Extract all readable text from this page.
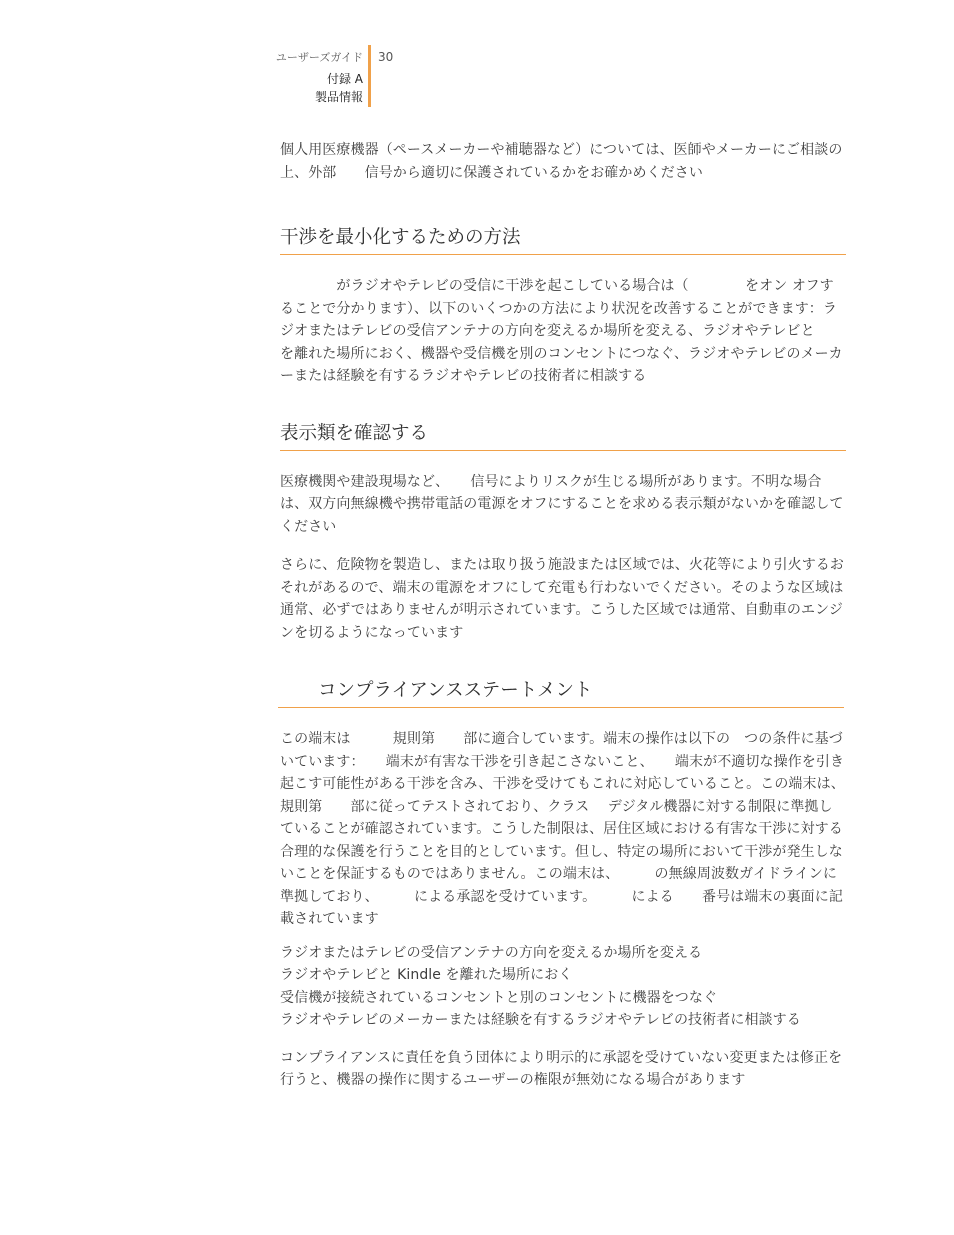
ユーザーズガイド
付録 A
製品情報
30

個人用医療機器（ペースメーカーや補聴器など）については、医師やメーカーにご相談の上、外部　　信号から適切に保護されているかをお確かめください

干渉を最小化するための方法

　　　　がラジオやテレビの受信に干渉を起こしている場合は（　　　　をオン オフすることで分かります）、以下のいくつかの方法により状況を改善することができます：ラジオまたはテレビの受信アンテナの方向を変えるか場所を変える、ラジオやテレビと　　　　　　を離れた場所におく、機器や受信機を別のコンセントにつなぐ、ラジオやテレビのメーカーまたは経験を有するラジオやテレビの技術者に相談する

表示類を確認する

医療機関や建設現場など、　　信号によりリスクが生じる場所があります。不明な場合は、双方向無線機や携帯電話の電源をオフにすることを求める表示類がないかを確認してください

さらに、危険物を製造し、または取り扱う施設または区域では、火花等により引火するおそれがあるので、端末の電源をオフにして充電も行わないでください。そのような区域は通常、必ずではありませんが明示されています。こうした区域では通常、自動車のエンジンを切るようになっています

コンプライアンスステートメント

この端末は　　　規則第　　部に適合しています。端末の操作は以下の　つの条件に基づいています：　　端末が有害な干渉を引き起こさないこと、　　端末が不適切な操作を引き起こす可能性がある干渉を含み、干渉を受けてもこれに対応していること。この端末は、　　　規則第　　部に従ってテストされており、クラス　 デジタル機器に対する制限に準拠していることが確認されています。こうした制限は、居住区域における有害な干渉に対する合理的な保護を行うことを目的としています。但し、特定の場所において干渉が発生しないことを保証するものではありません。この端末は、　　　の無線周波数ガイドラインに準拠しており、　　　による承認を受けています。　　　による　　番号は端末の裏面に記載されています

ラジオまたはテレビの受信アンテナの方向を変えるか場所を変える

ラジオやテレビと Kindle を離れた場所におく

受信機が接続されているコンセントと別のコンセントに機器をつなぐ

ラジオやテレビのメーカーまたは経験を有するラジオやテレビの技術者に相談する

コンプライアンスに責任を負う団体により明示的に承認を受けていない変更または修正を行うと、機器の操作に関するユーザーの権限が無効になる場合があります
